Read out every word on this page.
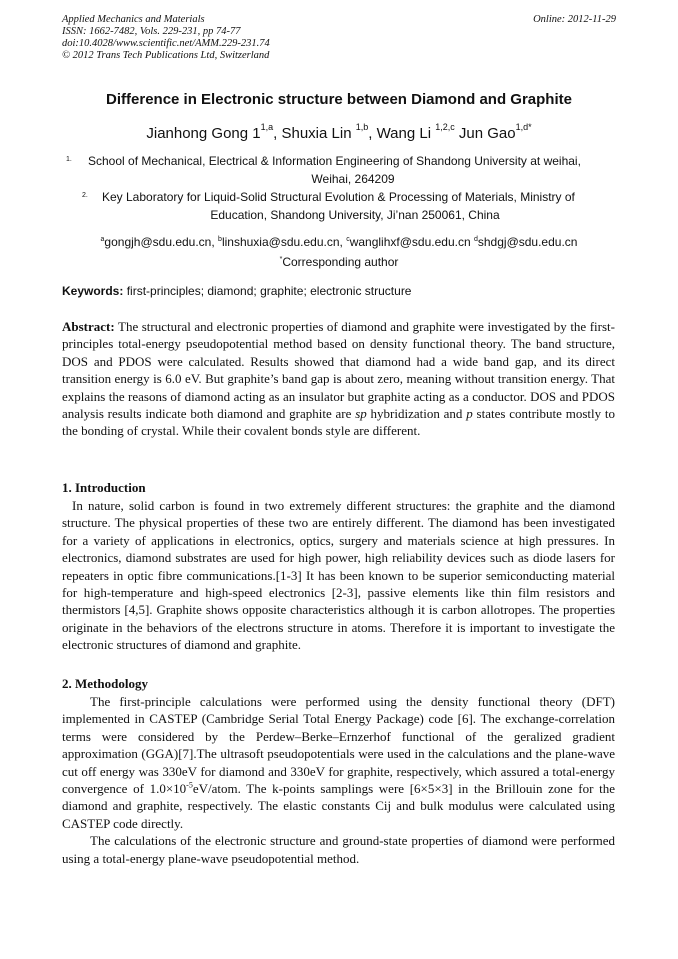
Applied Mechanics and Materials
ISSN: 1662-7482, Vols. 229-231, pp 74-77
doi:10.4028/www.scientific.net/AMM.229-231.74
© 2012 Trans Tech Publications Ltd, Switzerland
Online: 2012-11-29
Difference in Electronic structure between Diamond and Graphite
Jianhong Gong 1$^{1,a}$, Shuxia Lin $^{1,b}$, Wang Li $^{1,2,c}$ Jun Gao$^{1,d*}$
1.	School of Mechanical, Electrical & Information Engineering of Shandong University at weihai,
Weihai, 264209
2.	Key Laboratory for Liquid-Solid Structural Evolution & Processing of Materials, Ministry of
Education, Shandong University, Ji’nan 250061, China
$^a$gongjh@sdu.edu.cn, $^b$linshuxia@sdu.edu.cn, $^c$wanglihxf@sdu.edu.cn $^d$shdgj@sdu.edu.cn
*Corresponding author
Keywords: first-principles; diamond; graphite; electronic structure

Abstract: The structural and electronic properties of diamond and graphite were investigated by the first-principles total-energy pseudopotential method based on density functional theory. The band structure, DOS and PDOS were calculated. Results showed that diamond had a wide band gap, and its direct transition energy is 6.0 eV. But graphite’s band gap is about zero, meaning without transition energy. That explains the reasons of diamond acting as an insulator but graphite acting as a conductor. DOS and PDOS analysis results indicate both diamond and graphite are sp hybridization and p states contribute mostly to the bonding of crystal. While their covalent bonds style are different.

1. Introduction

In nature, solid carbon is found in two extremely different structures: the graphite and the diamond structure. The physical properties of these two are entirely different. The diamond has been investigated for a variety of applications in electronics, optics, surgery and materials science at high pressures. In electronics, diamond substrates are used for high power, high reliability devices such as diode lasers for repeaters in optic fibre communications.[1-3] It has been known to be superior semiconducting material for high-temperature and high-speed electronics [2-3], passive elements like thin film resistors and thermistors [4,5]. Graphite shows opposite characteristics although it is carbon allotropes. The properties originate in the behaviors of the electrons structure in atoms. Therefore it is important to investigate the electronic structures of diamond and graphite.

2. Methodology

The first-principle calculations were performed using the density functional theory (DFT) implemented in CASTEP (Cambridge Serial Total Energy Package) code [6]. The exchange-correlation terms were considered by the Perdew–Berke–Ernzerhof functional of the geralized gradient approximation (GGA)[7].The ultrasoft pseudopotentials were used in the calculations and the plane-wave cut off energy was 330eV for diamond and 330eV for graphite, respectively, which assured a total-energy convergence of $1.0\times 10^{-5}eV$/atom. The k-points samplings were [6×5×3] in the Brillouin zone for the diamond and graphite, respectively. The elastic constants Cij and bulk modulus were calculated using CASTEP code directly.

The calculations of the electronic structure and ground-state properties of diamond were performed using a total-energy plane-wave pseudopotential method.
